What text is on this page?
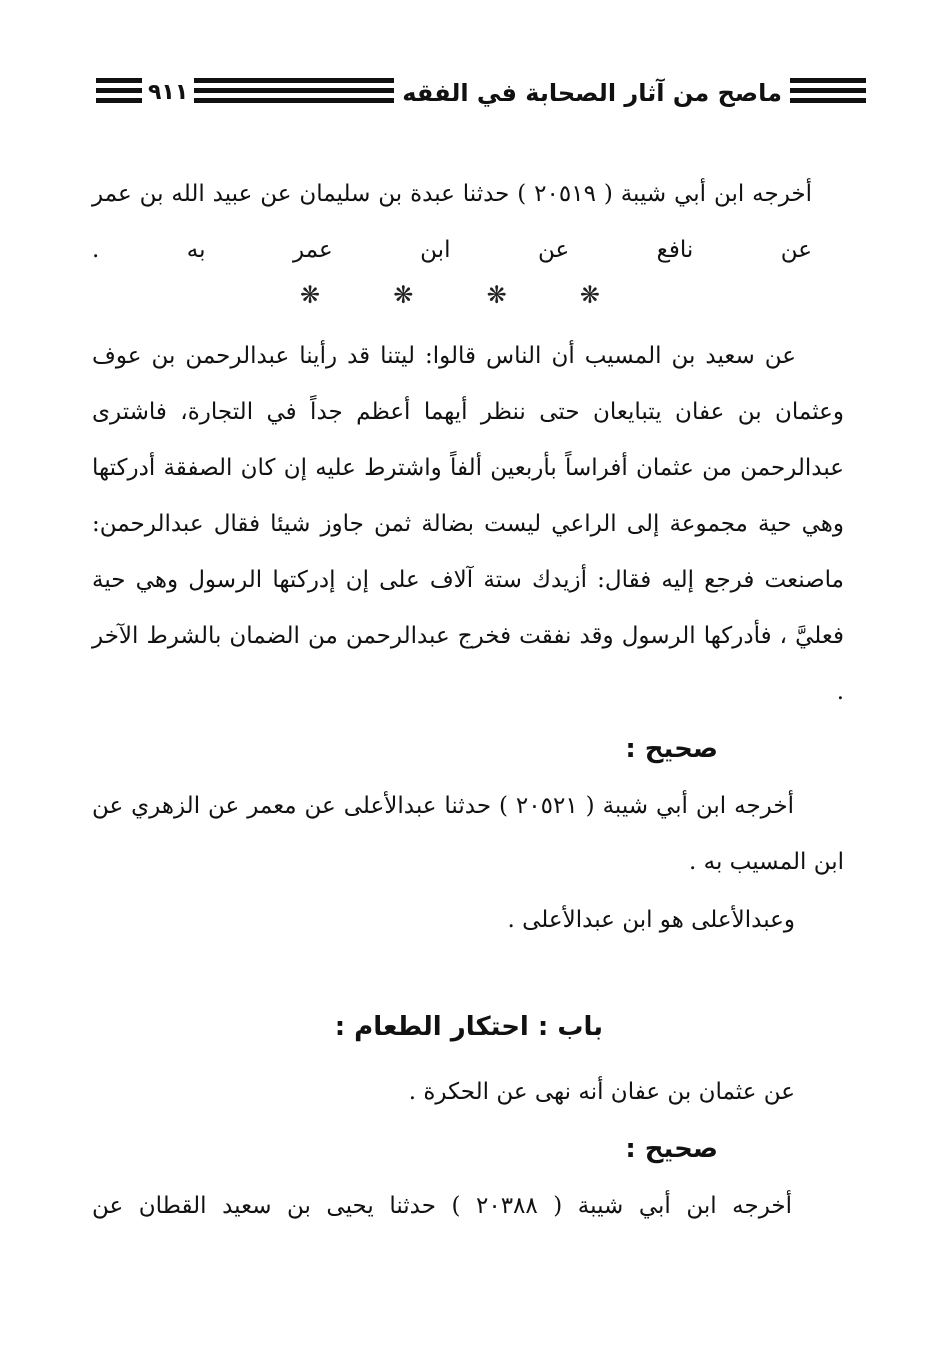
ماصح من آثار الصحابة في الفقه
٩١١
أخرجه ابن أبي شيبة ( ٢٠٥١٩ ) حدثنا عبدة بن سليمان عن عبيد الله بن عمر عن نافع عن ابن عمر به .
❋	❋	❋	❋
عن سعيد بن المسيب أن الناس قالوا: ليتنا قد رأينا عبدالرحمن بن عوف وعثمان بن عفان يتبايعان حتى ننظر أيهما أعظم جداً في التجارة، فاشترى عبدالرحمن من عثمان أفراساً بأربعين ألفاً واشترط عليه إن كان الصفقة أدركتها وهي حية مجموعة إلى الراعي ليست بضالة ثمن جاوز شيئا فقال عبدالرحمن: ماصنعت فرجع إليه فقال: أزيدك ستة آلاف على إن إدركتها الرسول وهي حية فعليَّ ، فأدركها الرسول وقد نفقت فخرج عبدالرحمن من الضمان بالشرط الآخر .
صحيح :
أخرجه ابن أبي شيبة ( ٢٠٥٢١ ) حدثنا عبدالأعلى عن معمر عن الزهري عن ابن المسيب به .
وعبدالأعلى هو ابن عبدالأعلى .
باب : احتكار الطعام :
عن عثمان بن عفان أنه نهى عن الحكرة .
صحيح :
أخرجه ابن أبي شيبة ( ٢٠٣٨٨ ) حدثنا يحيى بن سعيد القطان عن
